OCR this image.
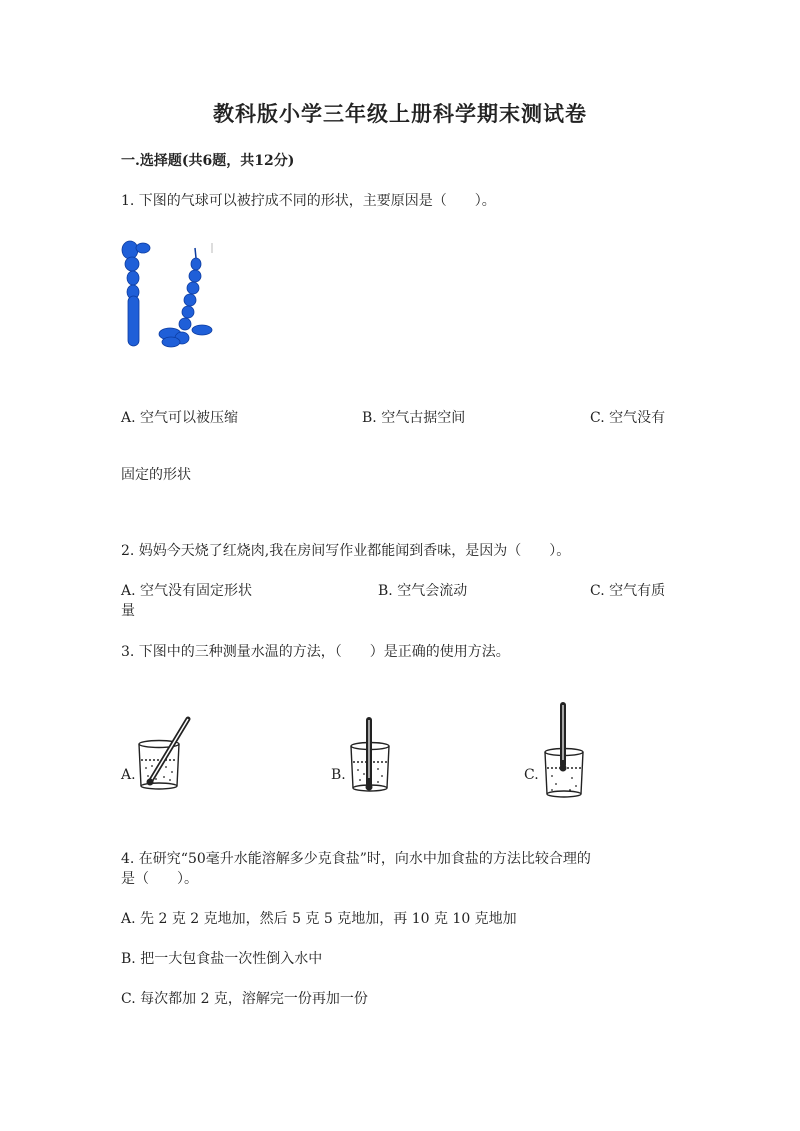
教科版小学三年级上册科学期末测试卷
一.选择题(共6题，共12分)
1. 下图的气球可以被拧成不同的形状，主要原因是（　　）。
A. 空气可以被压缩	B. 空气古据空间	C. 空气没有
固定的形状
2. 妈妈今天烧了红烧肉,我在房间写作业都能闻到香味，是因为（　　）。
A. 空气没有固定形状	B. 空气会流动	C. 空气有质
量
3. 下图中的三种测量水温的方法，（　　）是正确的使用方法。
A.	B.	C.
4. 在研究“50毫升水能溶解多少克食盐”时，向水中加食盐的方法比较合理的
是（　　）。
A. 先 2 克 2 克地加，然后 5 克 5 克地加，再 10 克 10 克地加
B. 把一大包食盐一次性倒入水中
C. 每次都加 2 克，溶解完一份再加一份
